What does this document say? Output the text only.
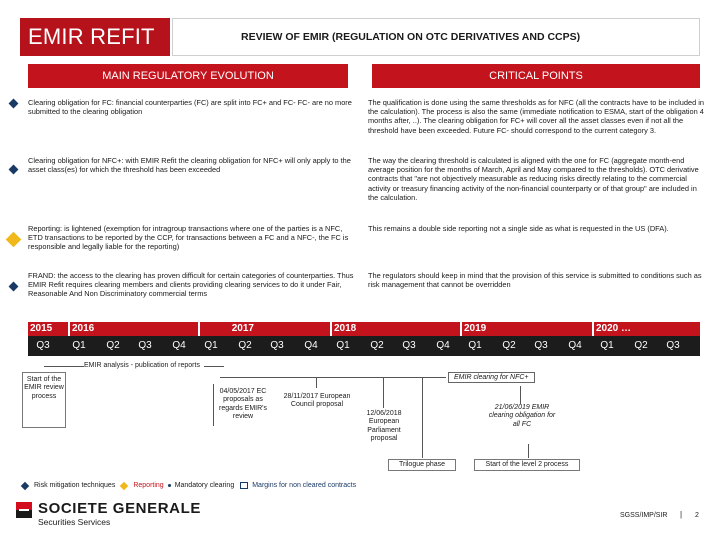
EMIR REFIT	REVIEW OF EMIR (REGULATION ON OTC DERIVATIVES AND CCPS)
MAIN REGULATORY EVOLUTION	CRITICAL POINTS
Clearing obligation for FC: financial counterparties (FC) are split into FC+ and FC- FC- are no more submitted to the clearing obligation
The qualification is done using the same thresholds as for NFC (all the contracts have to be included in the calculation). The process is also the same (immediate notification to ESMA, start of the obligation 4 months after, ..). The clearing obligation for FC+ will cover all the asset classes even if not all the threshold have been exceeded. Future FC- should correspond to the current category 3.
Clearing obligation for NFC+: with EMIR Refit the clearing obligation for NFC+ will only apply to the asset class(es) for which the threshold has been exceeded
The way the clearing threshold is calculated is aligned with the one for FC (aggregate month-end average position for the months of March, April and May compared to the thresholds). OTC derivative contracts that "are not objectively measurable as reducing risks directly relating to the commercial activity or treasury financing activity of the non-financial counterparty or of that group" are included in the calculation.
Reporting: is lightened (exemption for intragroup transactions where one of the parties is a NFC, ETD transactions to be reported by the CCP, for transactions between a FC and a NFC-, the FC is responsible and legally liable for the reporting)
This remains a double side reporting not a single side as what is requested in the US (DFA).
FRAND: the access to the clearing has proven difficult for certain categories of counterparties. Thus EMIR Refit requires clearing members and clients providing clearing services to do it under Fair, Reasonable And Non Discriminatory commercial terms
The regulators should keep in mind that the provision of this service is submitted to conditions such as risk management that cannot be overridden
2015	2016	2017	2018	2019	2020 …
Q3	Q1	Q2	Q3	Q4	Q1	Q2	Q3	Q4	Q1	Q2	Q3	Q4	Q1	Q2	Q3	Q4	Q1	Q2	Q3
EMIR analysis - publication of reports
EMIR clearing for NFC+
Start of the EMIR review process
04/05/2017 EC proposals as regards EMIR's review
28/11/2017 European Council proposal
12/06/2018 European Parliament proposal
Trilogue phase
21/06/2019 EMIR clearing obligation for all FC
Start of the level 2 process
Risk mitigation techniques	Reporting Mandatory clearing	Margins for non cleared contracts
SOCIETE GENERALE
Securities Services
SGSS/IMP/SIR | 2
